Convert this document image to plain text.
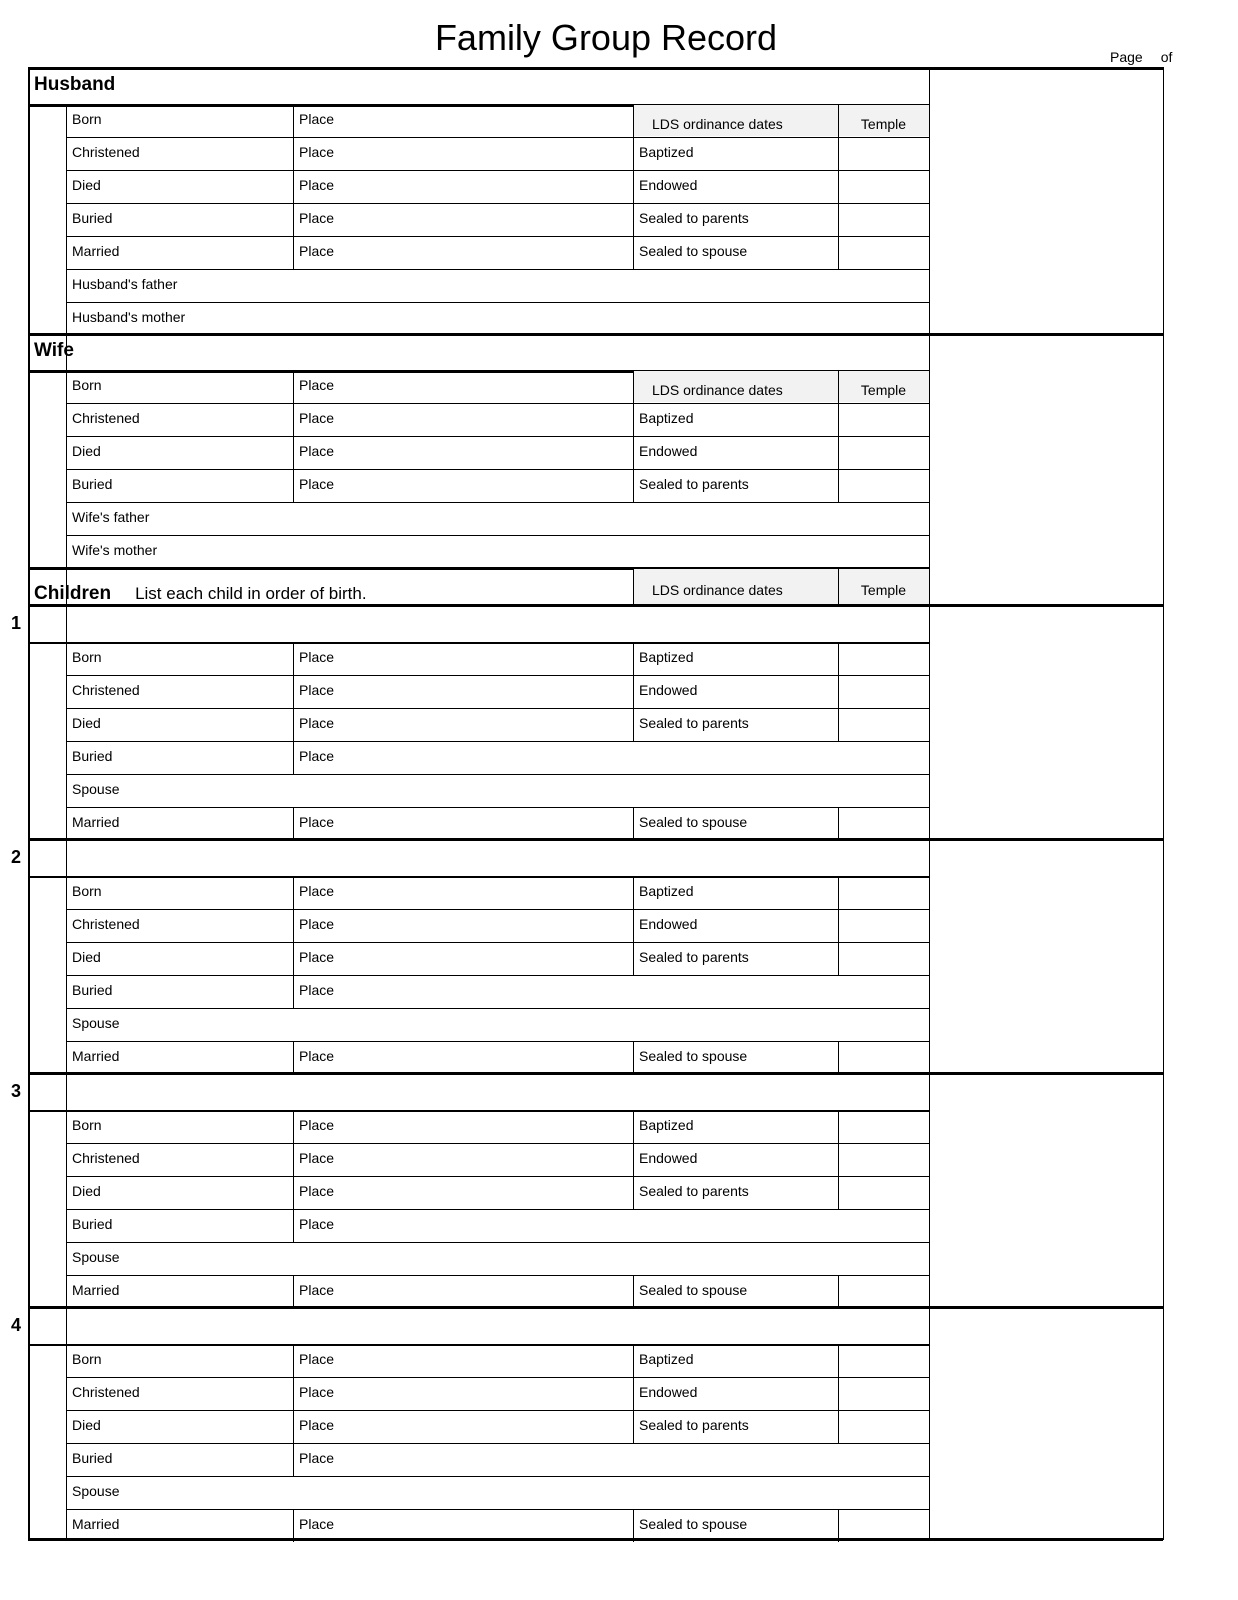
Family Group Record	Page of
Husband
LDS ordinance dates	Temple
Born	Place
Christened	Place	Baptized
Died	Place	Endowed
Buried	Place	Sealed to parents
Married	Place	Sealed to spouse
Husband's father
Husband's mother
Wife
LDS ordinance dates	Temple
Born	Place
Christened	Place	Baptized
Died	Place	Endowed
Buried	Place	Sealed to parents
Wife's father
Wife's mother
Children List each child in order of birth.	LDS ordinance dates	Temple
1
Born	Place	Baptized
Christened	Place	Endowed
Died	Place	Sealed to parents
Buried	Place
Spouse
Married	Place	Sealed to spouse
2
Born	Place	Baptized
Christened	Place	Endowed
Died	Place	Sealed to parents
Buried	Place
Spouse
Married	Place	Sealed to spouse
3
Born	Place	Baptized
Christened	Place	Endowed
Died	Place	Sealed to parents
Buried	Place
Spouse
Married	Place	Sealed to spouse
4
Born	Place	Baptized
Christened	Place	Endowed
Died	Place	Sealed to parents
Buried	Place
Spouse
Married	Place	Sealed to spouse
